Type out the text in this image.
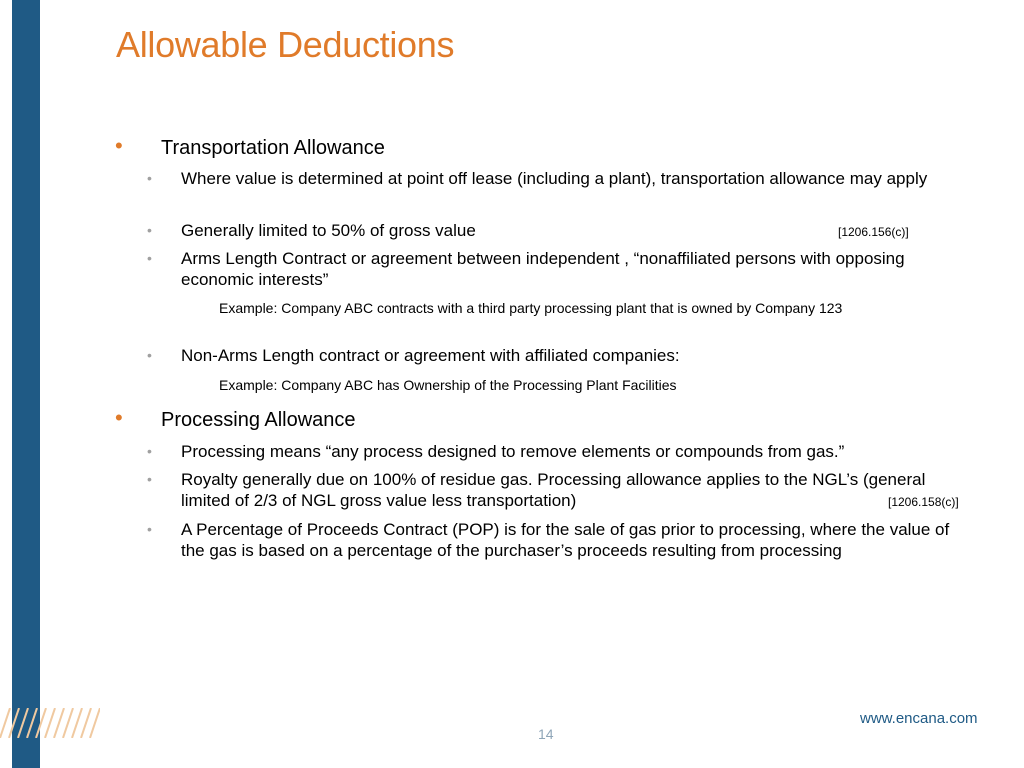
Allowable Deductions
• Transportation Allowance
• Where value is determined at point off lease (including a plant), transportation allowance may apply
• Generally limited to 50% of gross value	[1206.156(c)]
• Arms Length Contract or agreement between independent , “nonaffiliated persons with opposing economic interests”
Example: Company ABC contracts with a third party processing plant that is owned by Company 123
• Non-Arms Length contract or agreement with affiliated companies:
Example: Company ABC has Ownership of the Processing Plant Facilities
• Processing Allowance
• Processing means “any process designed to remove elements or compounds from gas.”
• Royalty generally due on 100% of residue gas. Processing allowance applies to the NGL’s (general limited of 2/3 of NGL gross value less transportation)	[1206.158(c)]
• A Percentage of Proceeds Contract (POP) is for the sale of gas prior to processing, where the value of the gas is based on a percentage of the purchaser’s proceeds resulting from processing
14
www.encana.com
